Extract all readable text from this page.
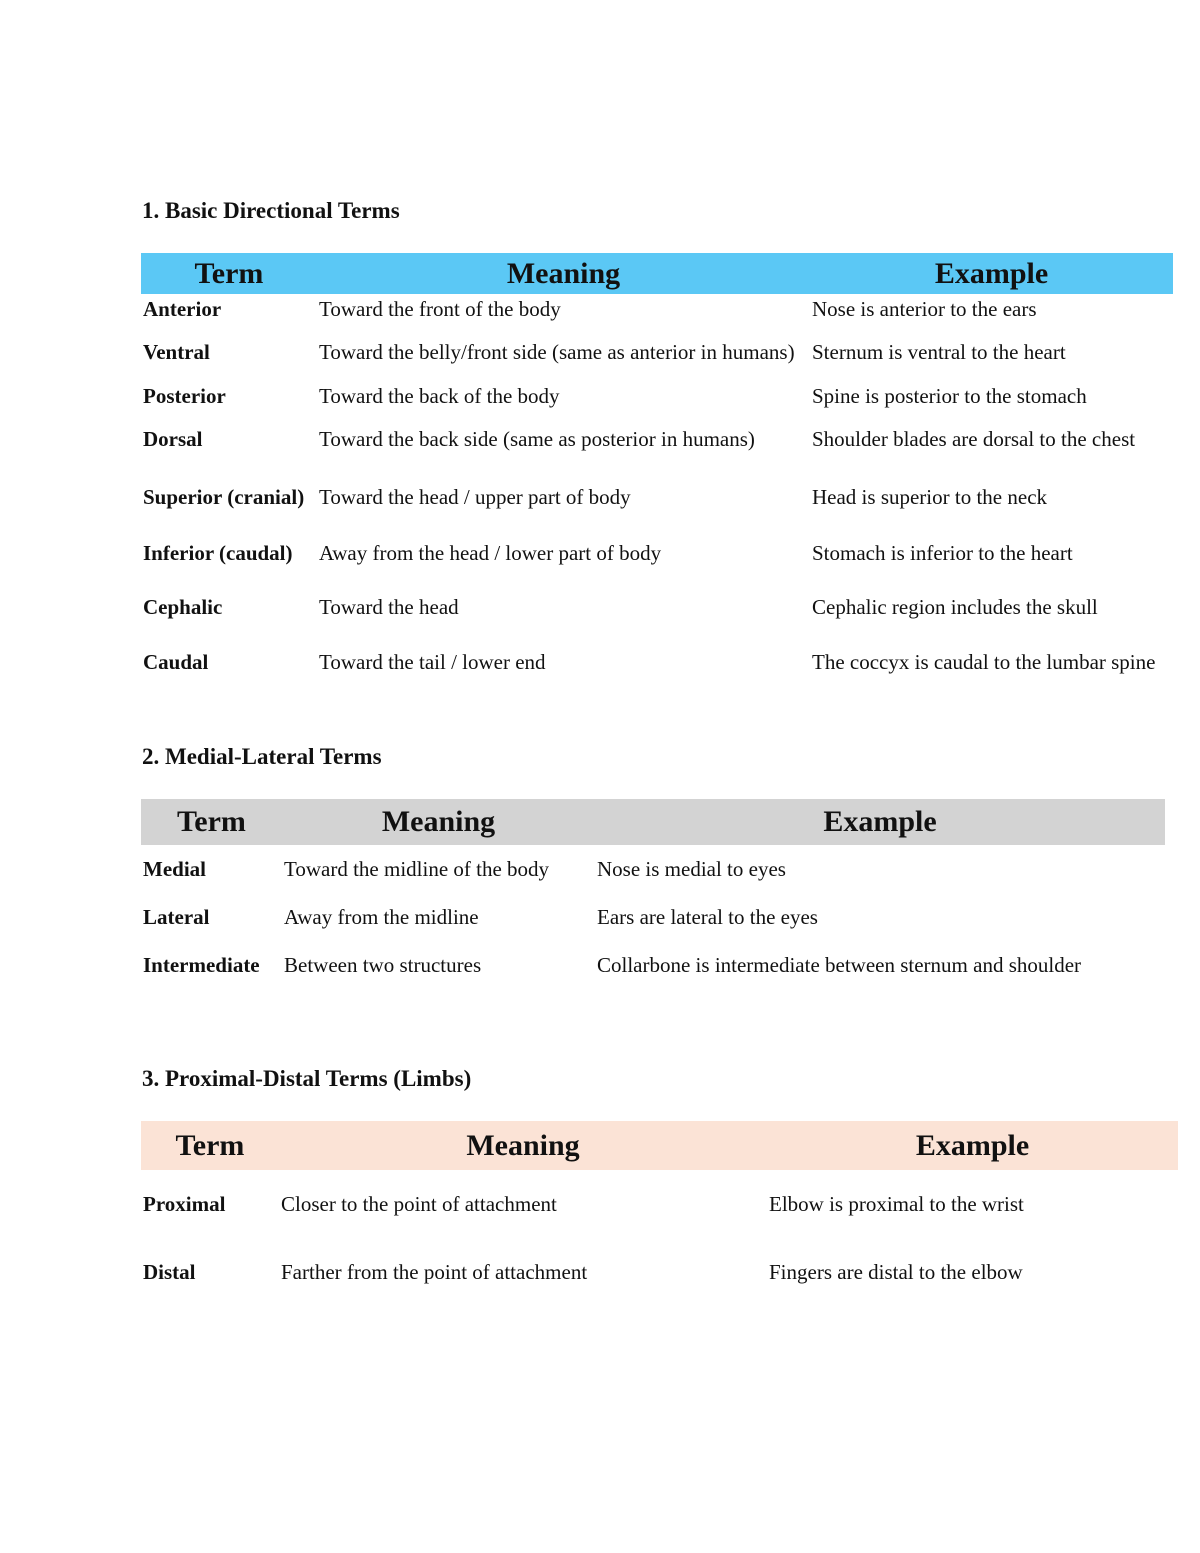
1. Basic Directional Terms
Term	Meaning	Example
Anterior	Toward the front of the body	Nose is anterior to the ears
Ventral	Toward the belly/front side (same as anterior in humans)	Sternum is ventral to the heart
Posterior	Toward the back of the body	Spine is posterior to the stomach
Dorsal	Toward the back side (same as posterior in humans)	Shoulder blades are dorsal to the chest
Superior (cranial)	Toward the head / upper part of body	Head is superior to the neck
Inferior (caudal)	Away from the head / lower part of body	Stomach is inferior to the heart
Cephalic	Toward the head	Cephalic region includes the skull
Caudal	Toward the tail / lower end	The coccyx is caudal to the lumbar spine
2. Medial-Lateral Terms
Term	Meaning	Example
Medial	Toward the midline of the body	Nose is medial to eyes
Lateral	Away from the midline	Ears are lateral to the eyes
Intermediate	Between two structures	Collarbone is intermediate between sternum and shoulder
3. Proximal-Distal Terms (Limbs)
Term	Meaning	Example
Proximal	Closer to the point of attachment	Elbow is proximal to the wrist
Distal	Farther from the point of attachment	Fingers are distal to the elbow
